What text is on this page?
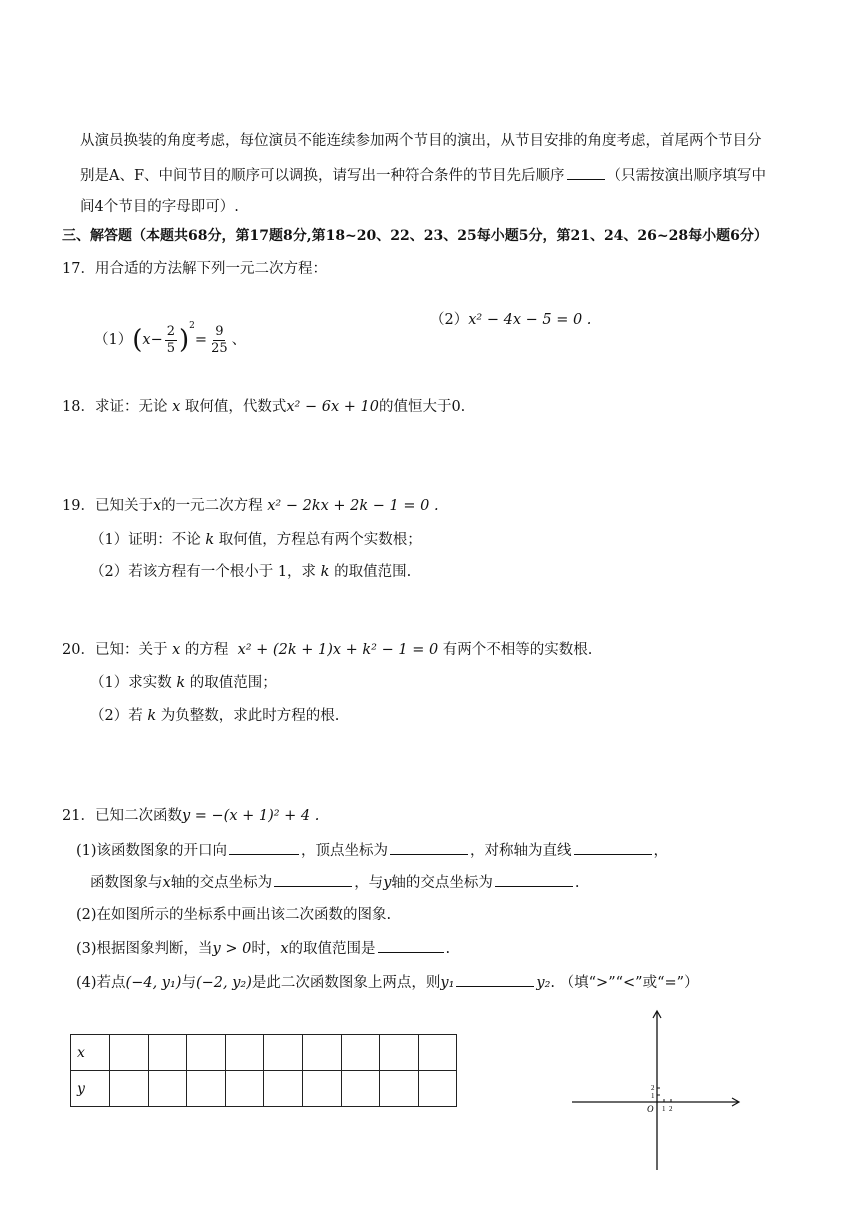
从演员换装的角度考虑，每位演员不能连续参加两个节目的演出，从节目安排的角度考虑，首尾两个节目分
别是A、F、中间节目的顺序可以调换，请写出一种符合条件的节目先后顺序	（只需按演出顺序填写中
间4个节目的字母即可）.
三、解答题（本题共68分，第17题8分,第18~20、22、23、25每小题5分，第21、24、26~28每小题6分）
17．用合适的方法解下列一元二次方程：
$(1)(x- \frac{2}{5} )^2= \frac{9}{25}$ 、
（2）x² − 4x − 5 = 0 .
18．求证：无论 x 取何值，代数式x² − 6x + 10的值恒大于0.
19．已知关于x的一元二次方程 x² − 2kx + 2k − 1 = 0 .
（1）证明：不论 k 取何值，方程总有两个实数根；
（2）若该方程有一个根小于 1，求 k 的取值范围.
20．已知：关于 x 的方程 x² + (2k + 1)x + k² − 1 = 0 有两个不相等的实数根.
（1）求实数 k 的取值范围；
（2）若 k 为负整数，求此时方程的根.
21．已知二次函数y = −(x + 1)² + 4 .
(1)该函数图象的开口向	，顶点坐标为	，对称轴为直线	，
函数图象与x轴的交点坐标为	，与y轴的交点坐标为	.
(2)在如图所示的坐标系中画出该二次函数的图象.
(3)根据图象判断，当y > 0时，x的取值范围是	.
(4)若点(−4, y₁)与(−2, y₂)是此二次函数图象上两点，则y₁	y₂. （填“>”“<”或“=”）
x									
y									
O 1 2
1
2
